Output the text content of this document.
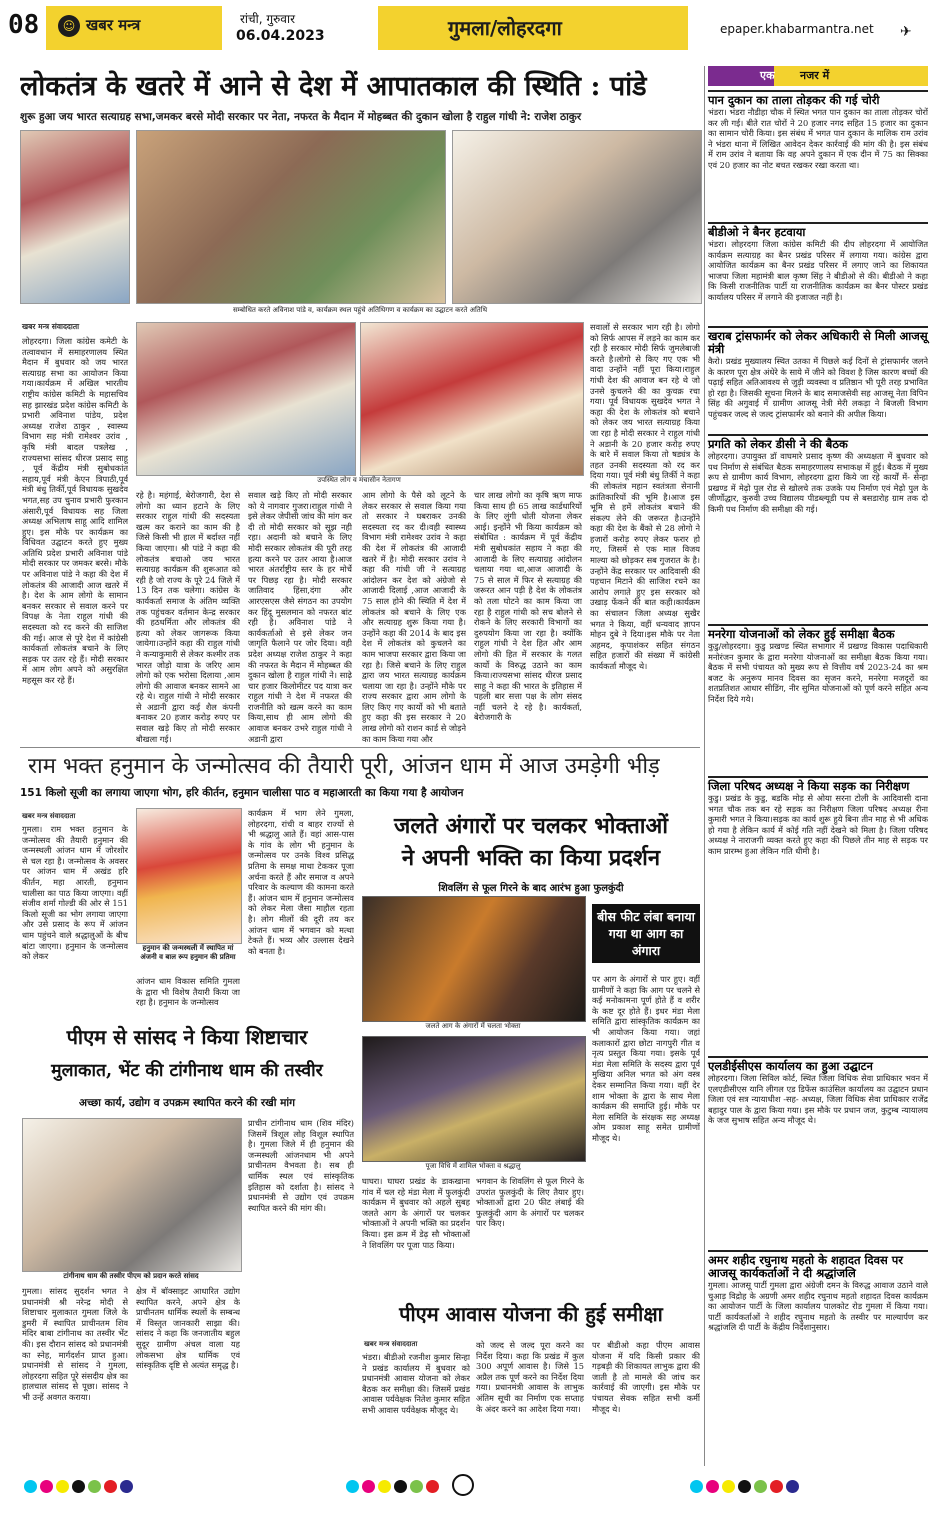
08	☺ खबर मन्त्र	रांची, गुरुवार
06.04.2023	गुमला/लोहरदगा	epaper.khabarmantra.net ✈
लोकतंत्र के खतरे में आने से देश में आपातकाल की स्थिति : पांडे
शुरू हुआ जय भारत सत्याग्रह सभा,जमकर बरसे मोदी सरकार पर नेता, नफरत के मैदान में मोहब्बत की दुकान खोला है राहुल गांधी ने: राजेश ठाकुर
सम्बोधित करते अविनाश पांडे व, कार्यक्रम स्थल पहुंचे अतिथिगण व कार्यक्रम का उद्घाटन करते अतिथि
खबर मन्त्र संवाददाता
उपस्थित लोग व मंचासीन नेतागण
लोहरदगा। जिला कांग्रेस कमेटी के तत्वावधान में समाहरणालय स्थित मैदान में बुधवार को जय भारत सत्याग्रह सभा का आयोजन किया गया।कार्यक्रम में अखिल भारतीय राष्ट्रीय कांग्रेस कमिटी के महासचिव सह झारखंड प्रदेश कांग्रेस कमिटी के प्रभारी अविनाश पांडेय, प्रदेश अध्यक्ष राजेश ठाकुर , स्वास्थ्य विभाग सह मंत्री रामेश्वर उरांव , कृषि मंत्री बादल पत्रलेख , राज्यसभा सांसद धीरज प्रसाद साहू , पूर्व केंद्रीय मंत्री सुबोधकांत सहाय,पूर्व मंत्री केएन त्रिपाठी,पूर्व मंत्री बंधु तिर्की,पूर्व विधायक सुखदेव भगत,सह उप चुनाव प्रभारी फुरकान अंसारी,पूर्व विधायक सह जिला अध्यक्ष अभिलाष साहू आदि शामिल हुए। इस मौके पर कार्यक्रम का विधिवत उद्घाटन करते हुए मुख्य अतिथि प्रदेश प्रभारी अविनाश पांडे मोदी सरकार पर जमकर बरसे। मौके पर अविनाश पांडे ने कहा की देश में लोकतंत्र की आजादी आज खतरे में है। देश के आम लोगो के सामान बनकर सरकार से सवाल करने पर विपक्ष के नेता राहुल गांधी की सदस्यता को रद करने की साजिश की गई। आज से पूरे देश में कांग्रेसी कार्यकर्ता लोकतंत्र बचाने के लिए सड़क पर उतर रहे हैं। मोदी सरकार में आम लोग अपने को असुरक्षित महसूस कर रहे हैं।
रहे है। महंगाई, बेरोजगारी, देश से लोगो का ध्यान हटाने के लिए सरकार राहुल गांधी की सदस्यता खत्म कर कराने का काम की है जिसे किसी भी हाल में बर्दाश्त नहीं किया जाएगा। श्री पांडे ने कहा की लोकतंत्र बचाओ जय भारत सत्याग्रह कार्यक्रम की शुरूआत को रही है जो राज्य के पूरे 24 जिले में 13 दिन तक चलेगा। कांग्रेस के कार्यकर्ता समाज के अंतिम व्यक्ति तक पहुंचकर वर्तमान केन्द्र सरकार की हठधर्मिता और लोकतंत्र की हत्या को लेकर जागरूक किया जायेगा।उन्होंने कहा की राहुल गांधी ने कन्याकुमारी से लेकर कश्मीर तक भारत जोड़ो यात्रा के जरिए आम लोगो को एक भरोसा दिलाया ,आम लोगो की आवाज बनकर सामने आ रहे थे। राहुल गांधी ने मोदी सरकार से अडानी द्वारा कई शैल कंपनी बनाकर 20 हजार करोड़ रुपए पर सवाल खड़े किए तो मोदी सरकार बौखला गई।
सवाल खड़े किए तो मोदी सरकार को ये नागवार गुजरा।राहुल गांधी ने इसे लेकर जेपीसी जांच की मांग कर दी तो मोदी सरकार को सूझ नही रहा। अदानी को बचाने के लिए मोदी सरकार लोकतंत्र की पूरी तरह हत्या करने पर उतर आया है।आज भारत अंतर्राष्ट्रीय स्तर के हर मोर्चे पर पिछड़ रहा है। मोदी सरकार जातिवाद हिंसा,दंगा और आरएसएस जैसे संगठन का उपयोग कर हिंदू मुसलमान को नफरत बांट रही है। अविनाश पांडे ने कार्यकर्ताओ से इसे लेकर जन जागृति फैलाने पर जोर दिया। वही प्रदेश अध्यक्ष राजेश ठाकुर ने कहा की नफरत के मैदान में मोहब्बत की दुकान खोला है राहुल गांधी ने। साढ़े चार हजार किलोमीटर पद यात्रा कर राहुल गांधी ने देश में नफरत की राजनीति को खत्म करने का काम किया,साथ ही आम लोगो की आवाज बनकर उभरे राहुल गांधी ने अडानी द्वारा
आम लोगो के पैसे को लूटने के लेकर सरकार से सवाल किया गया तो सरकार ने घबराकर उनकी सदस्यता रद कर दी।वही स्वास्थ्य विभाग मंत्री रामेश्वर उरांव ने कहा की देश में लोकतंत्र की आजादी खतरे में है। मोदी सरकार उरांव ने कहा की गांधी जी ने सत्याग्रह आंदोलन कर देश को अंग्रेजो से आजादी दिलाई ,आज आजादी के 75 साल होने की स्थिति में देश में लोकतंत्र को बचाने के लिए एक और सत्याग्रह शुरू किया गया है। उन्होंने कहा की 2014 के बाद इस देश में लोकतंत्र को कुचलने का काम भाजपा सरकार द्वारा किया जा रहा है। जिसे बचाने के लिए राहुल द्वारा जय भारत सत्याग्रह कार्यक्रम चलाया जा रहा है। उन्होंने मौके पर राज्य सरकार द्वारा आम लोगो के लिए किए गए कार्यो को भी बताते हुए कहा की इस सरकार ने 20 लाख लोगो को राशन कार्ड से जोड़ने का काम किया गया और
चार लाख लोगो का कृषि ऋण माफ किया साथ ही 65 लाख कार्डधारियों के लिए लुंगी धोती योजना लेकर आई। इन्होंने भी किया कार्यक्रम को संबोधित : कार्यक्रम में पूर्व केंद्रीय मंत्री सुबोधकांत सहाय ने कहा की आजादी के लिए सत्याग्रह आंदोलन चलाया गया था,आज आजादी के 75 से साल में फिर से सत्याग्रह की जरूरत आन पड़ी है देश के लोकतंत्र को तला घोटने का काम किया जा रहा है राहुल गांधी को सच बोलने से रोकने के लिए सरकारी विभागों का दुरुपयोग किया जा रहा है। क्योंकि राहुल गांधी ने देश हित और आम लोगो की हित में सरकार के गलत कार्यो के विरुद्ध उठाने का काम किया।राज्यसभा सांसद धीरज प्रसाद साहू ने कहा की भारत के इतिहास में पहली बार सत्ता पक्ष के लोग संसद नहीं चलने दे रहे है। कार्यकर्ता, बेरोजगारी के
सवालों से सरकार भाग रही है। लोगो को सिर्फ आपस में लड़ने का काम कर रही है सरकार मोदी सिर्फ जुमलेबाजी करते है।लोगो से किए गए एक भी वादा उन्होंने नहीं पूरा किया।राहुल गांधी देश की आवाज बन रहे थे जो उनसे कुचलने की का कुचक्र रचा गया। पूर्व विधायक सुखदेव भगत ने कहा की देश के लोकतंत्र को बचाने को लेकर जय भारत सत्याग्रह किया जा रहा है मोदी सरकार ने राहुल गांधी ने अडानी के 20 हजार करोड़ रुपए के बारे में सवाल किया तो षड्यंत्र के तहत उनकी सदस्यता को रद कर दिया गया। पूर्व मंत्री बंधु तिर्की ने कहा की लोकतंत्र महान स्वतंत्रता सेनानी क्रांतिकारियों की भूमि है।आज इस भूमि से हमें लोकतंत्र बचाने की संकल्प लेने की जरूरत है।उन्होंने कहा की देश के बैंको से 28 लोगो ने हजारों करोड़ रुपए लेकर फरार हो गए, जिसमें से एक माल विजय माल्या को छोड़कर सब गुजरात के है।उन्होंने केंद्र सरकार पर आदिवासी की पहचान मिटाने की साजिश रचने का आरोप लगाते हुए इस सरकार को उखाड़ फेंकने की बात कही।कार्यक्रम का संचालन जिला अध्यक्ष सुखैर भगत ने किया, वहीं धन्यवाद ज्ञापन मोहन दुबे ने दिया।इस मौके पर नेता अहमद, कृपाशंकर सहित संगठन सहित हजारों की संख्या में कांग्रेसी कार्यकर्ता मौजूद थे।
राम भक्त हनुमान के जन्मोत्सव की तैयारी पूरी, आंजन धाम में आज उमड़ेगी भीड़
151 किलो सूजी का लगाया जाएगा भोग, हरि कीर्तन, हनुमान चालीसा पाठ व महाआरती का किया गया है आयोजन
खबर मन्त्र संवाददाता
गुमला। राम भक्त हनुमान के जन्मोत्सव की तैयारी हनुमान की जन्मस्थली आंजन धाम में जोरशोर से चल रहा है। जन्मोत्सव के अवसर पर आंजन धाम में अखंड हरि कीर्तन, महा आरती, हनुमान चालीसा का पाठ किया जाएगा। वहीं संजीव शर्मा गोल्डी की ओर से 151 किलो सूजी का भोग लगाया जाएगा और उसे प्रसाद के रूप में आंजन धाम पहुंचने वाले श्रद्धालुओं के बीच बांटा जाएगा। हनुमान के जन्मोत्सव को लेकर
हनुमान की जन्मस्थली में स्थापित मां अंजनी व बाल रूप हनुमान की प्रतिमा
आंजन धाम विकास समिति गुमला के द्वारा भी विशेष तैयारी किया जा रहा है। हनुमान के जन्मोत्सव
कार्यक्रम में भाग लेने गुमला, लोहरदगा, रांची व बाहर राज्यों से भी श्रद्धालु आते हैं। वहां आस-पास के गांव के लोग भी हनुमान के जन्मोत्सव पर उनके विश्व प्रसिद्ध प्रतिमा के समक्ष माथा टेककर पूजा अर्चना करते हैं और समाज व अपने परिवार के कल्याण की कामना करते हैं। आंजन धाम में हनुमान जन्मोत्सव को लेकर मेला जैसा माहौल रहता है। लोग मीलों की दूरी तय कर आंजन धाम में भगवान को मत्था टेकते हैं। भव्य और उल्लास देखने को बनता है।
जलते अंगारों पर चलकर भोक्ताओं
ने अपनी भक्ति का किया प्रदर्शन
शिवलिंग से फूल गिरने के बाद आरंभ हुआ फुलकुंदी
जलते आग के अंगारों में चलता भोक्ता
बीस फीट लंबा बनाया गया था आग का अंगारा
पर आग के अंगारों से पार हुए। वहीं ग्रामीणों ने कहा कि आग पर चलने से कई मनोकामना पूर्ण होते हैं व शरीर के कष्ट दूर होते हैं। इधर मंडा मेला समिति द्वारा सांस्कृतिक कार्यक्रम का भी आयोजन किया गया। जहां कलाकारों द्वारा छोटा नागपुरी गीत व नृत्य प्रस्तुत किया गया। इसके पूर्व मंडा मेला समिति के सदस्य द्वारा पूर्व मुखिया अनिल भगत को अंग वस्त्र देकर सम्मानित किया गया। वहीं देर शाम भोक्ता के द्वारा के साथ मेला कार्यक्रम की समाप्ति हुई। मौके पर मेला समिति के संरक्षक सह अध्यक्ष ओम प्रकाश साहू समेत ग्रामीणों मौजूद थे।
पूजा विधि में शामिल भोक्ता व श्रद्धालु
घाघरा। घाघरा प्रखंड के डाकखाना गांव में चल रहे मंडा मेला में फुलकुंदी कार्यक्रम में बुधवार को अहले सुबह जलते आग के अंगारों पर चलकर भोक्ताओं ने अपनी भक्ति का प्रदर्शन किया। इस क्रम में डेढ़ सौ भोक्ताओं ने शिवलिंग पर पूजा पाठ किया।
भगवान के शिवलिंग से फूल गिरने के उपरांत फुलकुंदी के लिए तैयार हुए। भोक्ताओं द्वारा 20 फीट लंबाई की फुलकुंदी आग के अंगारों पर चलकर पार किए।
पीएम से सांसद ने किया शिष्टाचार
मुलाकात, भेंट की टांगीनाथ धाम की तस्वीर
अच्छा कार्य, उद्योग व उपक्रम स्थापित करने की रखी मांग
टांगीनाथ धाम की तस्वीर पीएम को प्रदान करते सांसद
गुमला। सांसद सुदर्शन भगत ने प्रधानमंत्री श्री नरेन्द्र मोदी से शिष्टाचार मुलाकात गुमला जिले के डुमरी में स्थापित प्राचीनतम शिव मंदिर बाबा टांगीनाथ का तस्वीर भेंट की। इस दौरान सांसद को प्रधानमंत्री का स्नेह, मार्गदर्शन प्राप्त हुआ। प्रधानमंत्री से सांसद ने गुमला, लोहरदगा सहित पूरे संसदीय क्षेत्र का हालचाल सांसद से पूछा। सांसद ने भी उन्हें अवगत कराया।
क्षेत्र में बॉक्साइट आधारित उद्योग स्थापित करने, अपने क्षेत्र के प्राचीनतम धार्मिक स्थलों के सम्बन्ध में विस्तृत जानकारी साझा की। सांसद ने कहा कि जनजातीय बहुल सुदूर ग्रामीण अंचल वाला यह लोकसभा क्षेत्र धार्मिक एवं सांस्कृतिक दृष्टि से अत्यंत समृद्ध है।
प्राचीन टांगीनाथ धाम (शिव मंदिर) जिसमें त्रिशूल लोह विशूल स्थापित है। गुमला जिले में ही हनुमान की जन्मस्थली आंजनधाम भी अपने प्राचीनतम वैभवता है। सब ही धार्मिक स्थल एवं सांस्कृतिक इतिहास को दर्शाता है। सांसद ने प्रधानमंत्री से उद्योग एवं उपक्रम स्थापित करने की मांग की।
पीएम आवास योजना की हुई समीक्षा
खबर मन्त्र संवाददाता
भंडरा। बीडीओ रजनीश कुमार सिन्हा ने प्रखंड कार्यालय में बुधवार को प्रधानमंत्री आवास योजना को लेकर बैठक कर समीक्षा की। जिसमें प्रखंड आवास पर्यवेक्षक नितेश कुमार सहित सभी आवास पर्यवेक्षक मौजूद थे।
को जल्द से जल्द पूरा करने का निर्देश दिया। कहा कि प्रखंड में कुल 300 अपूर्ण आवास है। जिसे 15 अप्रैल तक पूर्ण करने का निर्देश दिया गया। प्रधानमंत्री आवास के लाभुक अंतिम सूची का निर्माण एक सप्ताह के अंदर करने का आदेश दिया गया।
पर बीडीओ कहा पीएम आवास योजना में यदि किसी प्रकार की गड़बड़ी की शिकायत लाभुक द्वारा की जाती है तो मामले की जांच कर कार्रवाई की जाएगी। इस मौके पर पंचायत सेवक सहित सभी कर्मी मौजूद थे।
एक नजर में
पान दुकान का ताला तोड़कर की गई चोरी
भंडरा। भंडरा नौडीहा चौक में स्थित भगत पान दुकान का ताला तोड़कर चोरों कर ली गई। बीते रात चोरों ने 20 हजार नगद सहित 15 हजार का दुकान का सामान चोरी किया। इस संबंध में भगत पान दुकान के मालिक राम उरांव ने भंडरा थाना में लिखित आवेदन देकर कार्रवाई की मांग की है। इस संबंध में राम उरांव ने बताया कि वह अपने दुकान में एक दीन में 75 का सिक्का एवं 20 हजार का नोट बचत रखकर रखा करता था।
बीडीओ ने बैनर हटवाया
भंडरा। लोहरदगा जिला कांग्रेस कमिटी की दीप लोहरदगा में आयोजित कार्यक्रम सत्याग्रह का बैनर प्रखंड परिसर में लगाया गया। कांग्रेस द्वारा आयोजित कार्यक्रम का बैनर प्रखंड परिसर में लगाए जाने का शिकायत भाजपा जिला महामंत्री बाल कृष्ण सिंह ने बीडीओ से की। बीडीओ ने कहा कि किसी राजनीतिक पार्टी या राजनीतिक कार्यक्रम का बैनर पोस्टर प्रखंड कार्यालय परिसर में लगाने की इजाजत नहीं है।
खराब ट्रांसफार्मर को लेकर अधिकारी से मिली आजसू मंत्री
कैरो। प्रखंड मुख्यालय स्थित उतका में पिछले कई दिनों से ट्रांसफार्मर जलने के कारण पूरा क्षेत्र अंधेरे के साये में जीने को विवश है जिस कारण बच्चों की पढ़ाई सहित अतिआवश्य से जुड़ी व्यवस्था व प्रतिष्ठान भी पूरी तरह प्रभावित हो रहा है। जिसकी सूचना मिलने के बाद समाजसेवी सह आजसू नेता विपिन सिंह की अगुवाई में ग्रामीण आजसू नेत्री मेरी लकड़ा ने बिजली विभाग पहुंचकर जल्द से जल्द ट्रांसफार्मर को बनाने की अपील किया।
प्रगति को लेकर डीसी ने की बैठक
लोहरदगा। उपायुक्त डॉ वाघमारे प्रसाद कृष्ण की अध्यक्षता में बुधवार को पथ निर्माण से संबंधित बैठक समाहरणालय सभाकक्ष में हुई। बैठक में मुख्य रूप से ग्रामीण कार्य विभाग, लोहरदगा द्वारा किये जा रहे कार्यों में- सेन्हा प्रखण्ड में मेढ़ो पुल रोड से खोलचे तक उजके पथ निर्माण एवं मेढ़ो पुल के जीर्णोद्धार, कुरुवी उच्च विद्यालय पीडब्ल्यूडी पथ से बसडारोह ग्राम तक दो किमी पथ निर्माण की समीक्षा की गई।
मनरेगा योजनाओं को लेकर हुई समीक्षा बैठक
कुडु/लोहरदगा। कुडु प्रखण्ड स्थित सभागार में प्रखण्ड विकास पदाधिकारी मनोरंजन कुमार के द्वारा मनरेगा योजनाओं का समीक्षा बैठक किया गया। बैठक में सभी पंचायत को मुख्य रूप से वित्तीय वर्ष 2023-24 का श्रम बजट के अनुरूप मानव दिवस का सृजन करने, मनरेगा मजदूरों का शतप्रतिशत आधार सीडिंग, नीर सुमित योजनाओं को पूर्ण करने सहित अन्य निर्देश दिये गये।
जिला परिषद अध्यक्ष ने किया सड़क का निरीक्षण
कुडु। प्रखंड के कुडु, बडकि मोड़ से ओया सरना टोली के आदिवासी दाना भगत चौक तक बन रहे सड़क का निरीक्षण जिला परिषद अध्यक्ष रीना कुमारी भगत ने किया।सड़क का कार्य शुरू हुये बिना तीन माह से भी अधिक हो गया है लेकिन कार्य में कोई गति नहीं देखने को मिला है। जिला परिषद अध्यक्ष ने नाराजगी व्यक्त करते हुए कहा की पिछले तीन माह से सड़क पर काम प्रारम्भ हुआ लेकिन गति धीमी है।
एलडीईसीएस कार्यालय का हुआ उद्घाटन
लोहरदगा। जिला सिविल कोर्ट, स्थित जिला विधिक सेवा प्राधिकार भवन में एलएडीसीएस यानि लीगल एड डिफेंस काउंसिल कार्यालय का उद्घाटन प्रधान जिला एवं सत्र न्यायाधीश -सह- अध्यक्ष, जिला विधिक सेवा प्राधिकार राजेंद्र बहादुर पाल के द्वारा किया गया। इस मौके पर प्रधान जज, कुटुम्ब न्यायालय के जज सुभाष सहित अन्य मौजूद थे।
अमर शहीद रघुनाथ महतो के शहादत दिवस पर आजसू कार्यकर्ताओं ने दी श्रद्धांजलि
गुमला। आजसू पार्टी गुमला द्वारा अंग्रेजी दमन के विरुद्ध आवाज उठाने वाले चुआड़ विद्रोह के अग्रणी अमर शहीद रघुनाथ महतो शहादत दिवस कार्यक्रम का आयोजन पार्टी के जिला कार्यालय पालकोट रोड गुमला में किया गया। पार्टी कार्यकर्ताओं ने शहीद रघुनाथ महतो के तस्वीर पर माल्यार्पण कर श्रद्धांजलि दी पार्टी के केंद्रीय निर्देशानुसार।
